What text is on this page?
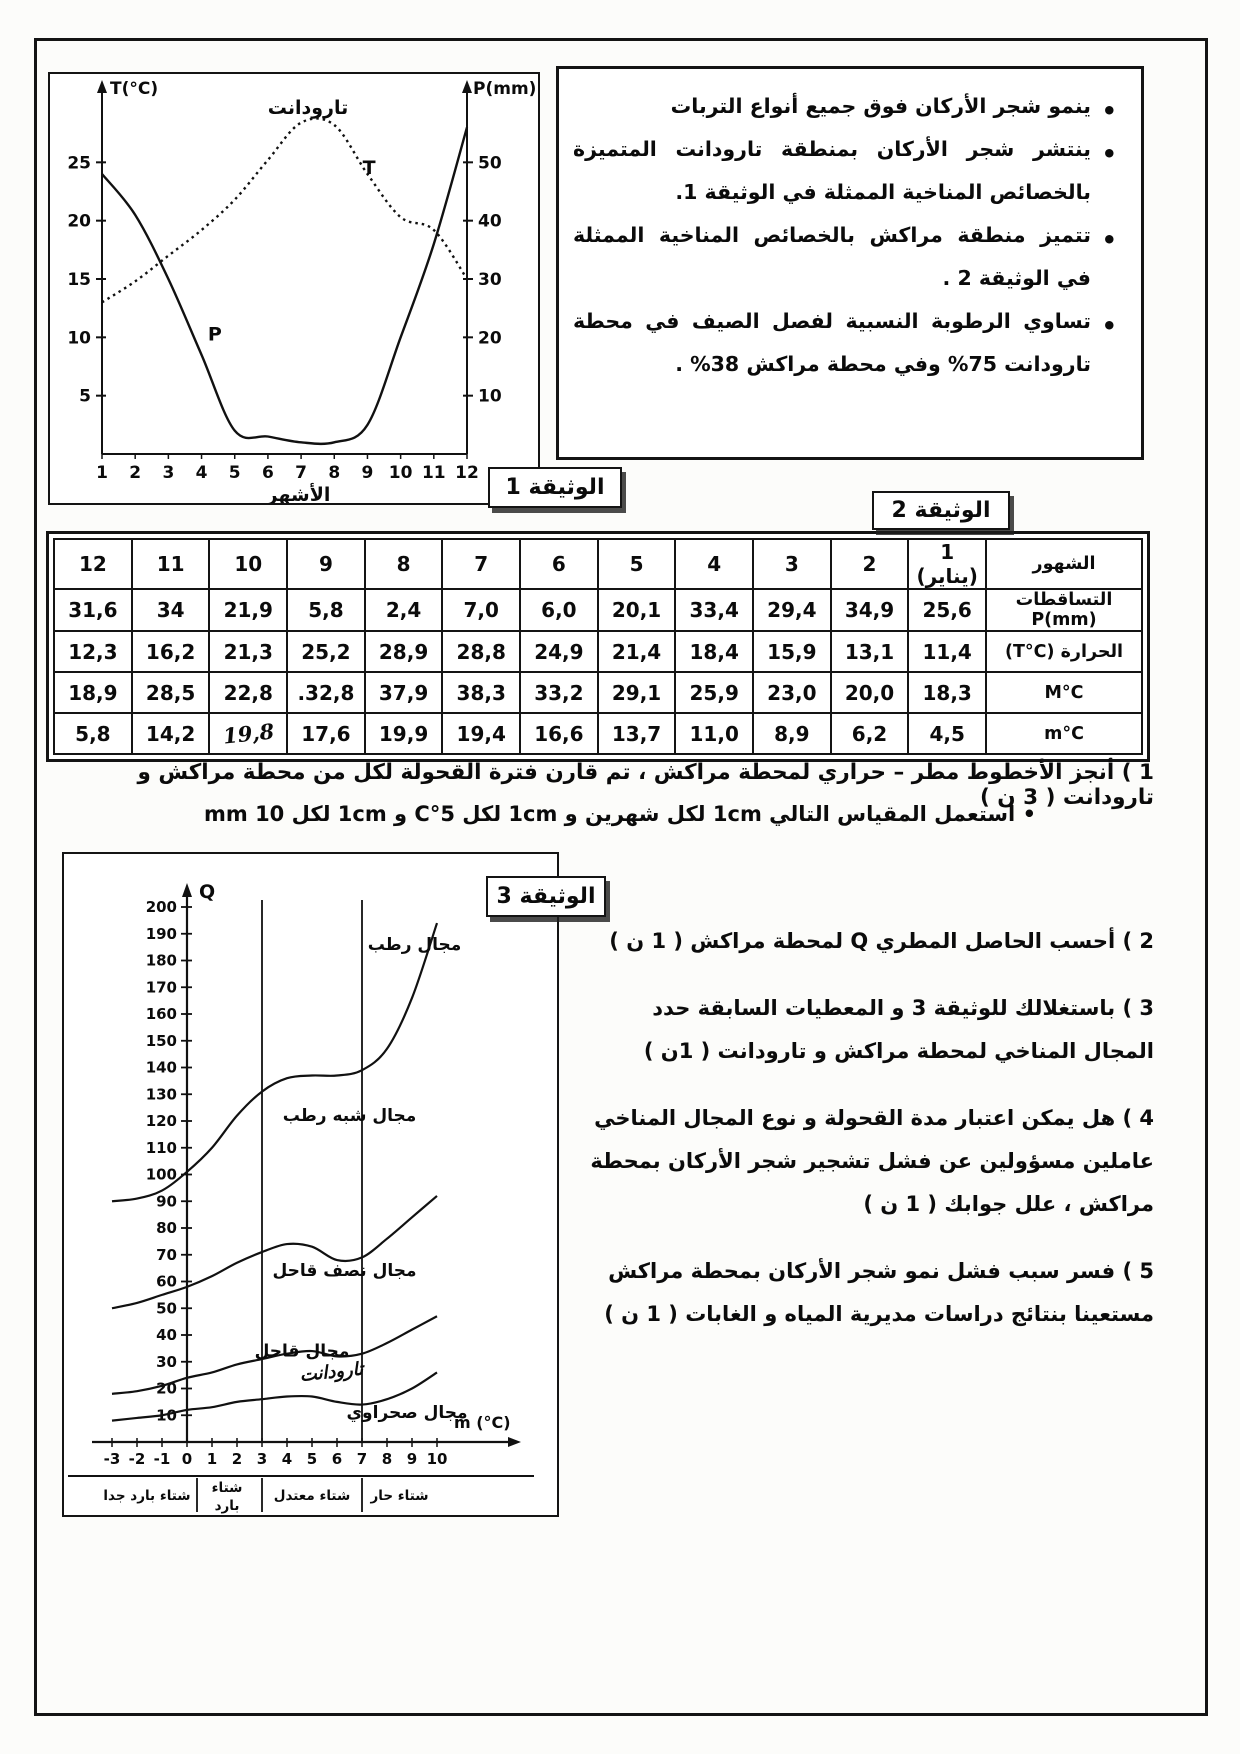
5
10
15
20
25
10
20
30
40
50
1 2 3 4 5 6 7 8 9 10 11 12
T(°C)	P(mm)
الأشهر
تارودانت
T
P
• ينمو شجر الأركان فوق جميع أنواع التربات
• ينتشر شجر الأركان بمنطقة تارودانت المتميزة بالخصائص المناخية الممثلة في الوثيقة 1.
• تتميز منطقة مراكش بالخصائص المناخية الممثلة في الوثيقة 2 .
• تساوي الرطوبة النسبية لفصل الصيف في محطة تارودانت 75% وفي محطة مراكش 38% .
الوثيقة 1
الوثيقة 2
الشهور	1 (يناير)	2	3	4	5	6	7	8	9	10	11	12
التساقطات P(mm)	25,6	34,9	29,4	33,4	20,1	6,0	7,0	2,4	5,8	21,9	34	31,6
الحرارة (T°C)	11,4	13,1	15,9	18,4	21,4	24,9	28,8	28,9	25,2	21,3	16,2	12,3
M°C	18,3	20,0	23,0	25,9	29,1	33,2	38,3	37,9	32,8.	22,8	28,5	18,9
m°C	4,5	6,2	8,9	11,0	13,7	16,6	19,4	19,9	17,6	19,8	14,2	5,8
1 ) أنجز الأخطوط مطر – حراري لمحطة مراكش ، تم قارن فترة القحولة لكل من محطة مراكش و تارودانت ( 3 ن )
• استعمل المقياس التالي 1cm لكل شهرين و 1cm لكل 5°C و 1cm لكل 10 mm
Q
10
20
30
40
50
60
70
80
90
100
110
120
130
140
150
160
170
180
190
200
m (°C)
-3 -2 -1 0 1 2 3 4 5 6 7 8 9 10
مجال رطب
مجال شبه رطب
مجال نصف قاحل
مجال قاحل
تارودانت
مجال صحراوي
شتاء بارد جدا شتاء
بارد
شتاء معتدل شتاء حار
الوثيقة 3

2 ) أحسب الحاصل المطري Q لمحطة مراكش ( 1 ن )

3 ) باستغلالك للوثيقة 3 و المعطيات السابقة حدد المجال المناخي لمحطة مراكش و تارودانت ( 1ن )

4 ) هل يمكن اعتبار مدة القحولة و نوع المجال المناخي عاملين مسؤولين عن فشل تشجير شجر الأركان بمحطة مراكش ، علل جوابك ( 1 ن )

5 ) فسر سبب فشل نمو شجر الأركان بمحطة مراكش مستعينا بنتائج دراسات مديرية المياه و الغابات ( 1 ن )
